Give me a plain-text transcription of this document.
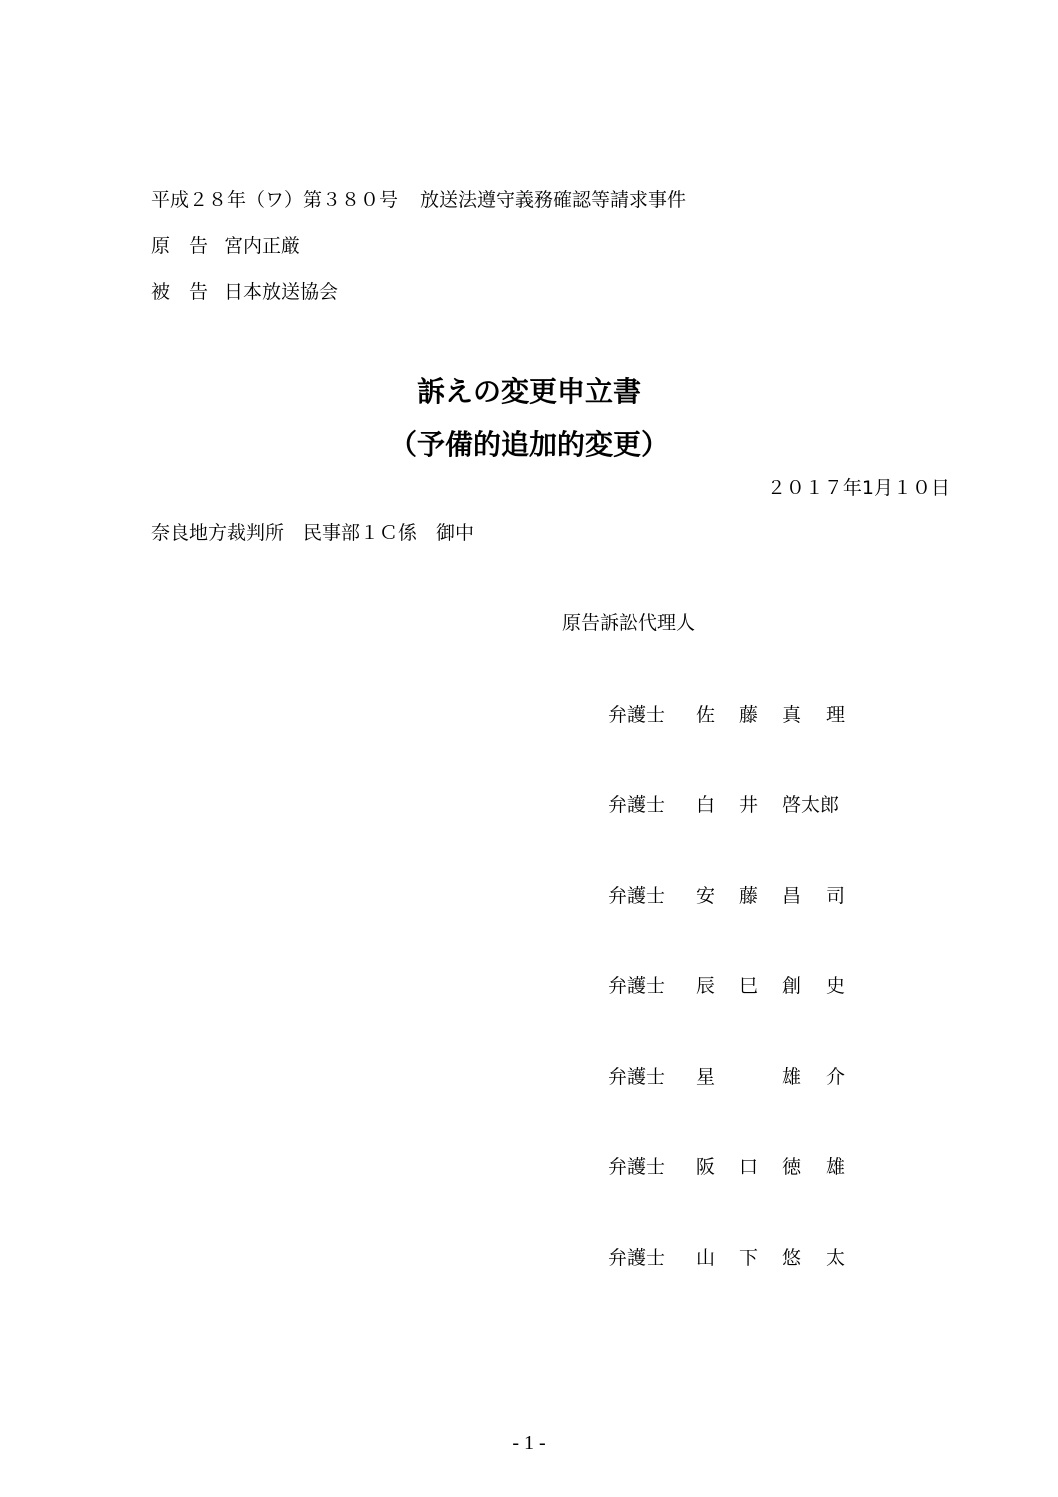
平成２８年（ワ）第３８０号 放送法遵守義務確認等請求事件
原　告 宮内正厳
被　告 日本放送協会
訴えの変更申立書
（予備的追加的変更）
２０１７年1月１０日
奈良地方裁判所　民事部１Ｃ係　御中
原告訴訟代理人
弁護士 佐 藤 真 理
弁護士 白 井 啓太郎
弁護士 安 藤 昌 司
弁護士 辰 巳 創 史
弁護士 星	雄 介
弁護士 阪 口 徳 雄
弁護士 山 下 悠 太
- 1 -
